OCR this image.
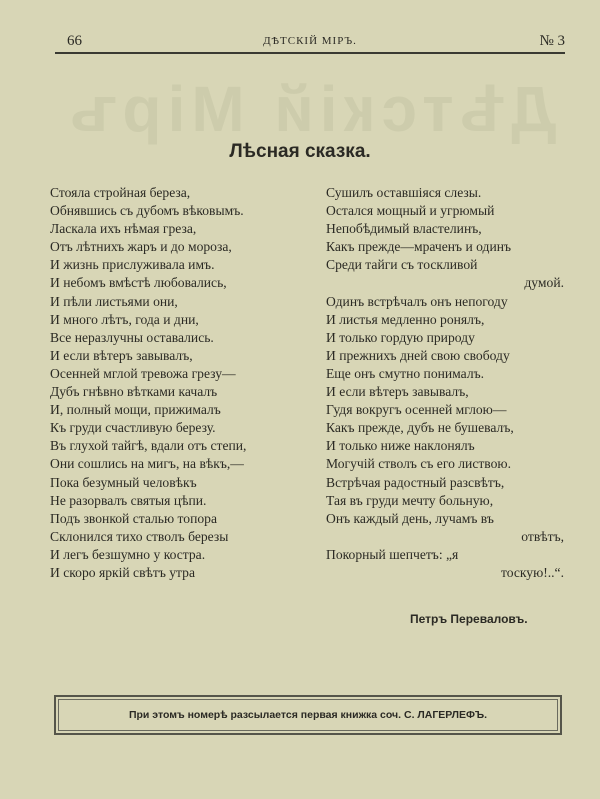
66	ДѢТСКІЙ МІРЪ.	№ 3
Дѣтскій Міръ
Лѣсная сказка.
Стояла стройная береза,
Обнявшись съ дубомъ вѣковымъ.
Ласкала ихъ нѣмая греза,
Отъ лѣтнихъ жаръ и до мороза,
И жизнь прислуживала имъ.
И небомъ вмѣстѣ любовались,
И пѣли листьями они,
И много лѣтъ, года и дни,
Все неразлучны оставались.
И если вѣтеръ завывалъ,
Осенней мглой тревожа грезу—
Дубъ гнѣвно вѣтками качалъ
И, полный мощи, прижималъ
Къ груди счастливую березу.
Въ глухой тайгѣ, вдали отъ степи,
Они сошлись на мигъ, на вѣкъ,—
Пока безумный человѣкъ
Не разорвалъ святыя цѣпи.
Подъ звонкой сталью топора
Склонился тихо стволъ березы
И легъ безшумно у костра.
И скоро яркій свѣтъ утра
Сушилъ оставшіяся слезы.
Остался мощный и угрюмый
Непобѣдимый властелинъ,
Какъ прежде—мраченъ и одинъ
Среди тайги съ тоскливой
думой.
Одинъ встрѣчалъ онъ непогоду
И листья медленно ронялъ,
И только гордую природу
И прежнихъ дней свою свободу
Еще онъ смутно понималъ.
И если вѣтеръ завывалъ,
Гудя вокругъ осенней мглою—
Какъ прежде, дубъ не бушевалъ,
И только ниже наклонялъ
Могучій стволъ съ его листвою.
Встрѣчая радостный разсвѣтъ,
Тая въ груди мечту больную,
Онъ каждый день, лучамъ въ
отвѣтъ,
Покорный шепчетъ: „я
тоскую!..“.
Петръ Переваловъ.
При этомъ номерѣ разсылается первая книжка соч. С. ЛАГЕРЛЕФЪ.
